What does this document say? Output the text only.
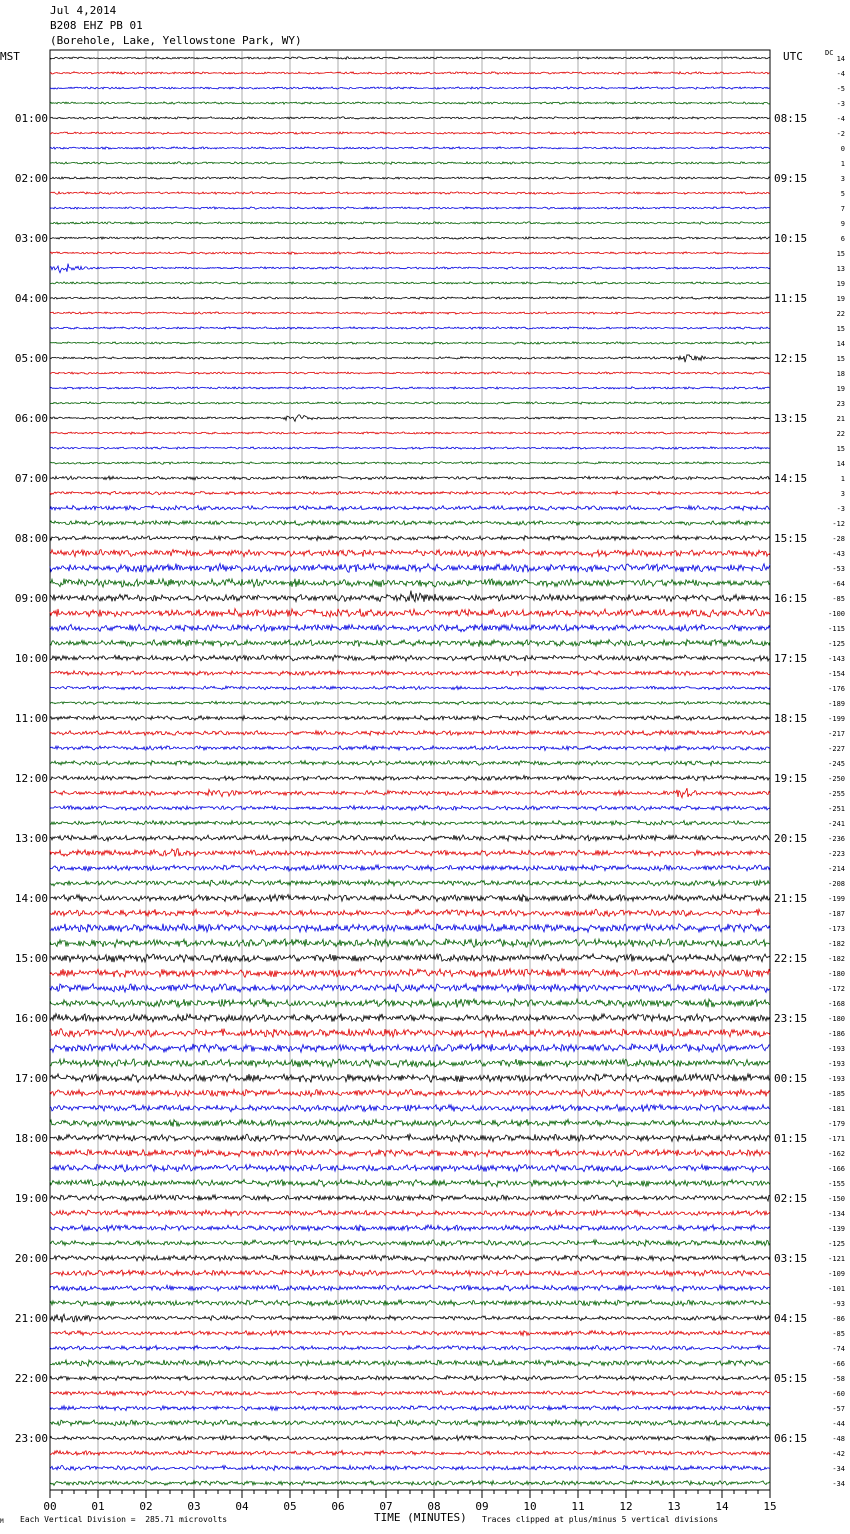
Jul 4,2014
B208 EHZ PB 01
(Borehole, Lake, Yellowstone Park, WY)
MST	UTC	DC
00	01	02	03	04	05	06	07	08	09	10	11	12	13	14	15
14
-4
-5
-3
-4
-2
0
1
3
5
7
9
6
15
13
19
19
22
15
14
15
18
19
23
21
22
15
14
1
3
-3
-12
-28
-43
-53
-64
-85
-100
-115
-125
-143
-154
-176
-189
-199
-217
-227
-245
-250
-255
-251
-241
-236
-223
-214
-208
-199
-187
-173
-182
-182
-180
-172
-168
-180
-186
-193
-193
-193
-185
-181
-179
-171
-162
-166
-155
-150
-134
-139
-125
-121
-109
-101
-93
-86
-85
-74
-66
-58
-60
-57
-44
-48
-42
-34
-34
01:00
02:00
03:00
04:00
05:00
06:00
07:00
08:00
09:00
10:00
11:00
12:00
13:00
14:00
15:00
16:00
17:00
18:00
19:00
20:00
21:00
22:00
23:00
08:15
09:15
10:15
11:15
12:15
13:15
14:15
15:15
16:15
17:15
18:15
19:15
20:15
21:15
22:15
23:15
00:15
01:15
02:15
03:15
04:15
05:15
06:15
M Each Vertical Division =  285.71 microvolts	TIME (MINUTES) Traces clipped at plus/minus 5 vertical divisions
